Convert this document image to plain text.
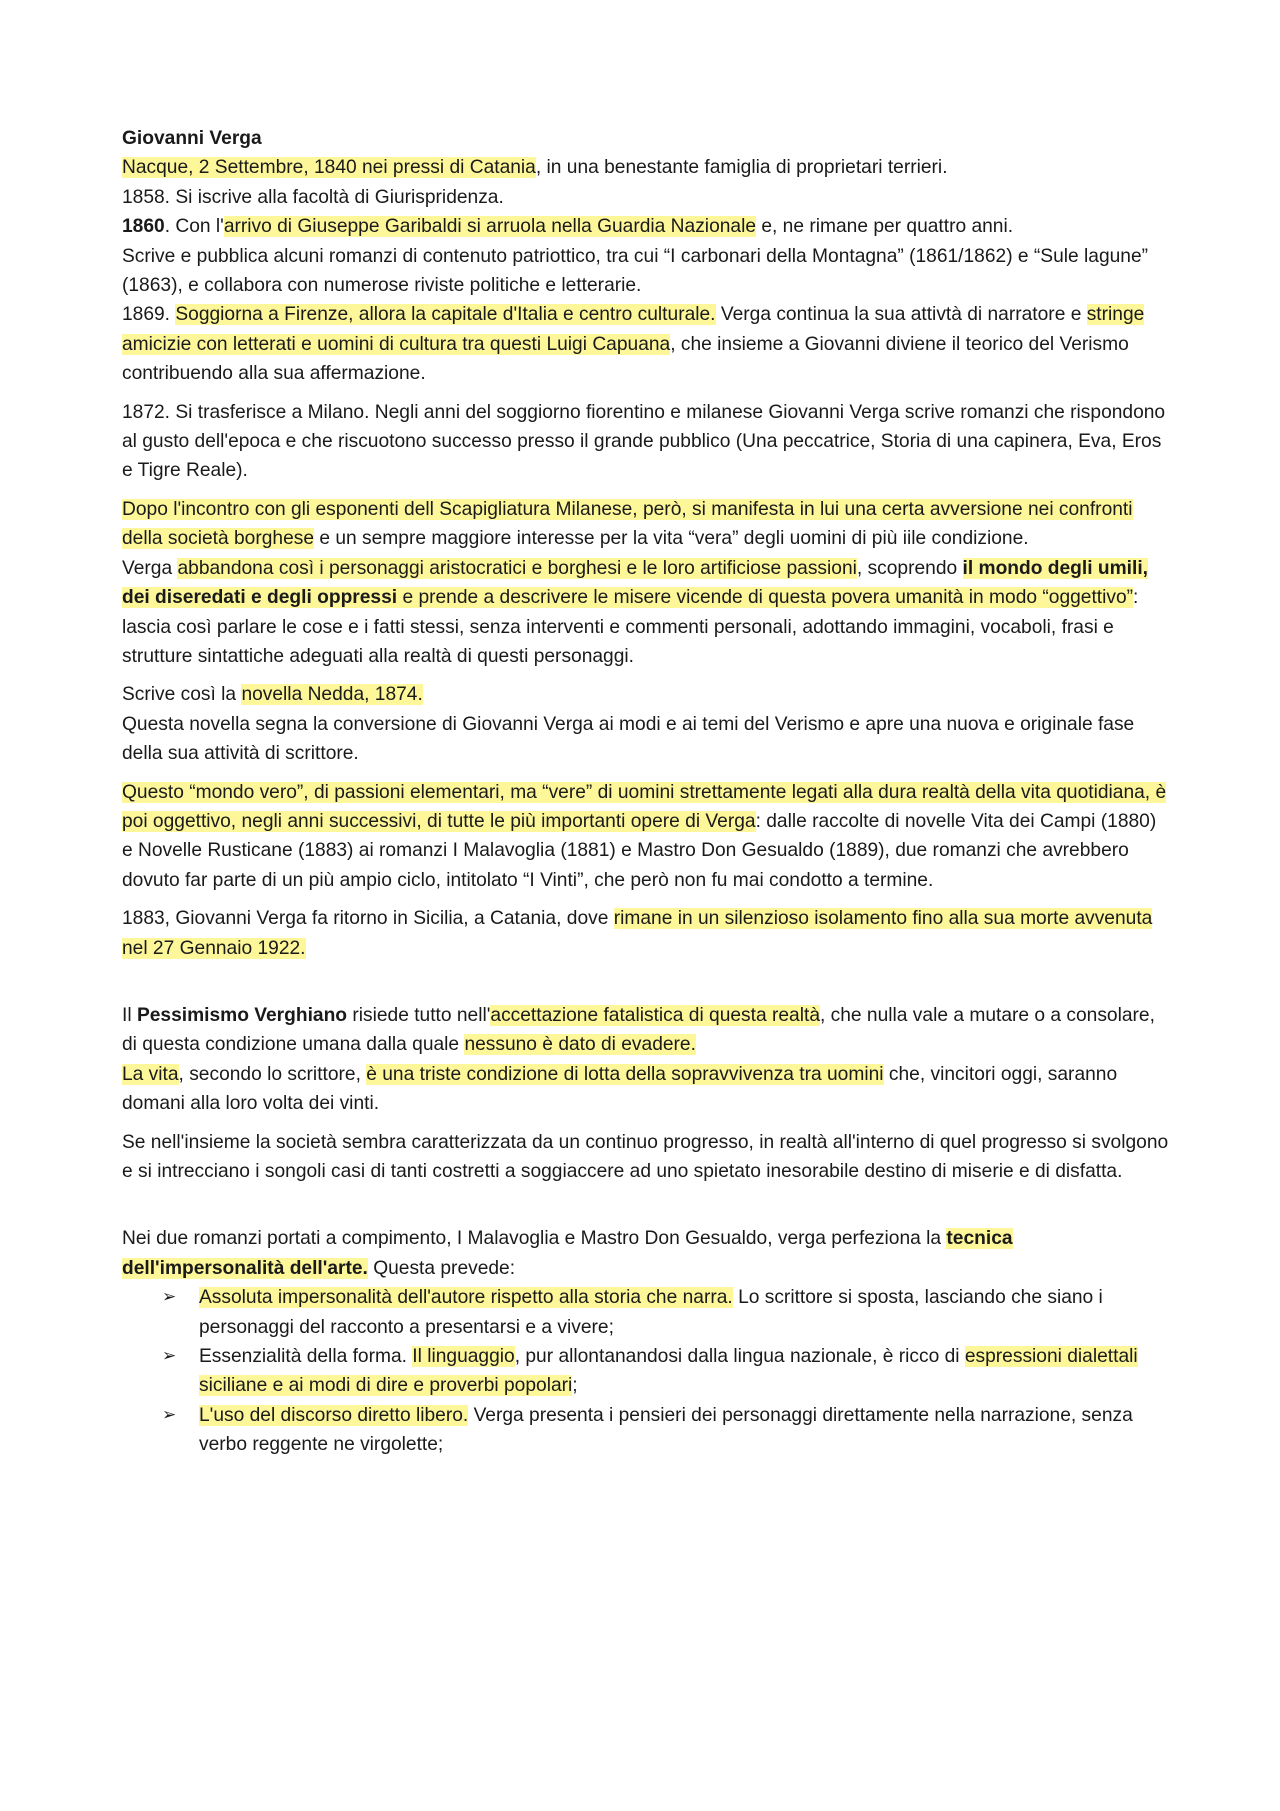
Giovanni Verga

Nacque, 2 Settembre, 1840 nei pressi di Catania, in una benestante famiglia di proprietari terrieri.

1858. Si iscrive alla facoltà di Giurispridenza.

1860. Con l'arrivo di Giuseppe Garibaldi si arruola nella Guardia Nazionale e, ne rimane per quattro anni.

Scrive e pubblica alcuni romanzi di contenuto patriottico, tra cui “I carbonari della Montagna” (1861/1862) e “Sule lagune” (1863), e collabora con numerose riviste politiche e letterarie.

1869. Soggiorna a Firenze, allora la capitale d'Italia e centro culturale. Verga continua la sua attivtà di narratore e stringe amicizie con letterati e uomini di cultura tra questi Luigi Capuana, che insieme a Giovanni diviene il teorico del Verismo contribuendo alla sua affermazione.

1872. Si trasferisce a Milano. Negli anni del soggiorno fiorentino e milanese Giovanni Verga scrive romanzi che rispondono al gusto dell'epoca e che riscuotono successo presso il grande pubblico (Una peccatrice, Storia di una capinera, Eva, Eros e Tigre Reale).

Dopo l'incontro con gli esponenti dell Scapigliatura Milanese, però, si manifesta in lui una certa avversione nei confronti della società borghese e un sempre maggiore interesse per la vita “vera” degli uomini di più iile condizione.

Verga abbandona così i personaggi aristocratici e borghesi e le loro artificiose passioni, scoprendo il mondo degli umili, dei diseredati e degli oppressi e prende a descrivere le misere vicende di questa povera umanità in modo “oggettivo”: lascia così parlare le cose e i fatti stessi, senza interventi e commenti personali, adottando immagini, vocaboli, frasi e strutture sintattiche adeguati alla realtà di questi personaggi.

Scrive così la novella Nedda, 1874.

Questa novella segna la conversione di Giovanni Verga ai modi e ai temi del Verismo e apre una nuova e originale fase della sua attività di scrittore.

Questo “mondo vero”, di passioni elementari, ma “vere” di uomini strettamente legati alla dura realtà della vita quotidiana, è poi oggettivo, negli anni successivi, di tutte le più importanti opere di Verga: dalle raccolte di novelle Vita dei Campi (1880) e Novelle Rusticane (1883) ai romanzi I Malavoglia (1881) e Mastro Don Gesualdo (1889), due romanzi che avrebbero dovuto far parte di un più ampio ciclo, intitolato “I Vinti”, che però non fu mai condotto a termine.

1883, Giovanni Verga fa ritorno in Sicilia, a Catania, dove rimane in un silenzioso isolamento fino alla sua morte avvenuta nel 27 Gennaio 1922.

Il Pessimismo Verghiano risiede tutto nell'accettazione fatalistica di questa realtà, che nulla vale a mutare o a consolare, di questa condizione umana dalla quale nessuno è dato di evadere.

La vita, secondo lo scrittore, è una triste condizione di lotta della sopravvivenza tra uomini che, vincitori oggi, saranno domani alla loro volta dei vinti.

Se nell'insieme la società sembra caratterizzata da un continuo progresso, in realtà all'interno di quel progresso si svolgono e si intrecciano i songoli casi di tanti costretti a soggiaccere ad uno spietato inesorabile destino di miserie e di disfatta.

Nei due romanzi portati a compimento, I Malavoglia e Mastro Don Gesualdo, verga perfeziona la tecnica dell'impersonalità dell'arte. Questa prevede:

➢ Assoluta impersonalità dell'autore rispetto alla storia che narra. Lo scrittore si sposta, lasciando che siano i personaggi del racconto a presentarsi e a vivere;
➢ Essenzialità della forma. Il linguaggio, pur allontanandosi dalla lingua nazionale, è ricco di espressioni dialettali siciliane e ai modi di dire e proverbi popolari;
➢ L'uso del discorso diretto libero. Verga presenta i pensieri dei personaggi direttamente nella narrazione, senza verbo reggente ne virgolette;
